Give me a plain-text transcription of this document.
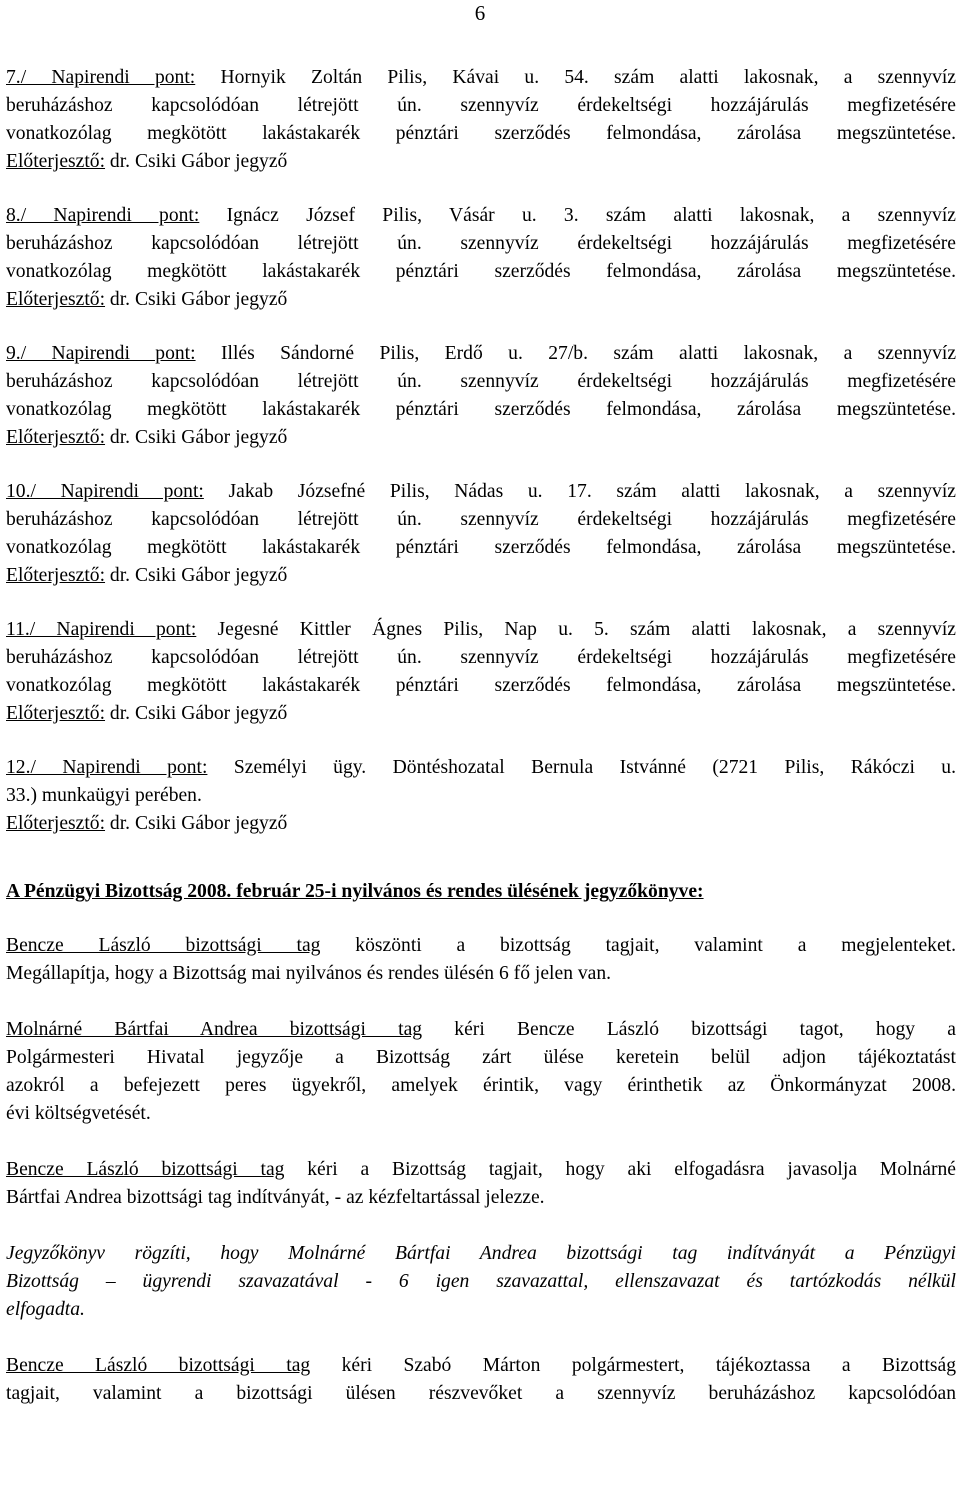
6

7./ Napirendi pont: Hornyik Zoltán Pilis, Kávai u. 54. szám alatti lakosnak, a szennyvíz

beruházáshoz kapcsolódóan létrejött ún. szennyvíz érdekeltségi hozzájárulás megfizetésére

vonatkozólag megkötött lakástakarék pénztári szerződés felmondása, zárolása megszüntetése.

Előterjesztő: dr. Csiki Gábor jegyző

8./ Napirendi pont: Ignácz József Pilis, Vásár u. 3. szám alatti lakosnak, a szennyvíz

beruházáshoz kapcsolódóan létrejött ún. szennyvíz érdekeltségi hozzájárulás megfizetésére

vonatkozólag megkötött lakástakarék pénztári szerződés felmondása, zárolása megszüntetése.

Előterjesztő: dr. Csiki Gábor jegyző

9./ Napirendi pont: Illés Sándorné Pilis, Erdő u. 27/b. szám alatti lakosnak, a szennyvíz

beruházáshoz kapcsolódóan létrejött ún. szennyvíz érdekeltségi hozzájárulás megfizetésére

vonatkozólag megkötött lakástakarék pénztári szerződés felmondása, zárolása megszüntetése.

Előterjesztő: dr. Csiki Gábor jegyző

10./ Napirendi pont: Jakab Józsefné Pilis, Nádas u. 17. szám alatti lakosnak, a szennyvíz

beruházáshoz kapcsolódóan létrejött ún. szennyvíz érdekeltségi hozzájárulás megfizetésére

vonatkozólag megkötött lakástakarék pénztári szerződés felmondása, zárolása megszüntetése.

Előterjesztő: dr. Csiki Gábor jegyző

11./ Napirendi pont: Jegesné Kittler Ágnes Pilis, Nap u. 5. szám alatti lakosnak, a szennyvíz

beruházáshoz kapcsolódóan létrejött ún. szennyvíz érdekeltségi hozzájárulás megfizetésére

vonatkozólag megkötött lakástakarék pénztári szerződés felmondása, zárolása megszüntetése.

Előterjesztő: dr. Csiki Gábor jegyző

12./ Napirendi pont: Személyi ügy. Döntéshozatal Bernula Istvánné (2721 Pilis, Rákóczi u.

33.) munkaügyi perében.

Előterjesztő: dr. Csiki Gábor jegyző

A Pénzügyi Bizottság 2008. február 25-i nyilvános és rendes ülésének jegyzőkönyve:

Bencze László bizottsági tag köszönti a bizottság tagjait, valamint a megjelenteket.

Megállapítja, hogy a Bizottság mai nyilvános és rendes ülésén 6 fő jelen van.

Molnárné Bártfai Andrea bizottsági tag kéri Bencze László bizottsági tagot, hogy a

Polgármesteri Hivatal jegyzője a Bizottság zárt ülése keretein belül adjon tájékoztatást

azokról a befejezett peres ügyekről, amelyek érintik, vagy érinthetik az Önkormányzat 2008.

évi költségvetését.

Bencze László bizottsági tag kéri a Bizottság tagjait, hogy aki elfogadásra javasolja Molnárné

Bártfai Andrea bizottsági tag indítványát, - az kézfeltartással jelezze.

Jegyzőkönyv rögzíti, hogy Molnárné Bártfai Andrea bizottsági tag indítványát a Pénzügyi

Bizottság – ügyrendi szavazatával - 6 igen szavazattal, ellenszavazat és tartózkodás nélkül

elfogadta.

Bencze László bizottsági tag kéri Szabó Márton polgármestert, tájékoztassa a Bizottság

tagjait, valamint a bizottsági ülésen részvevőket a szennyvíz beruházáshoz kapcsolódóan
